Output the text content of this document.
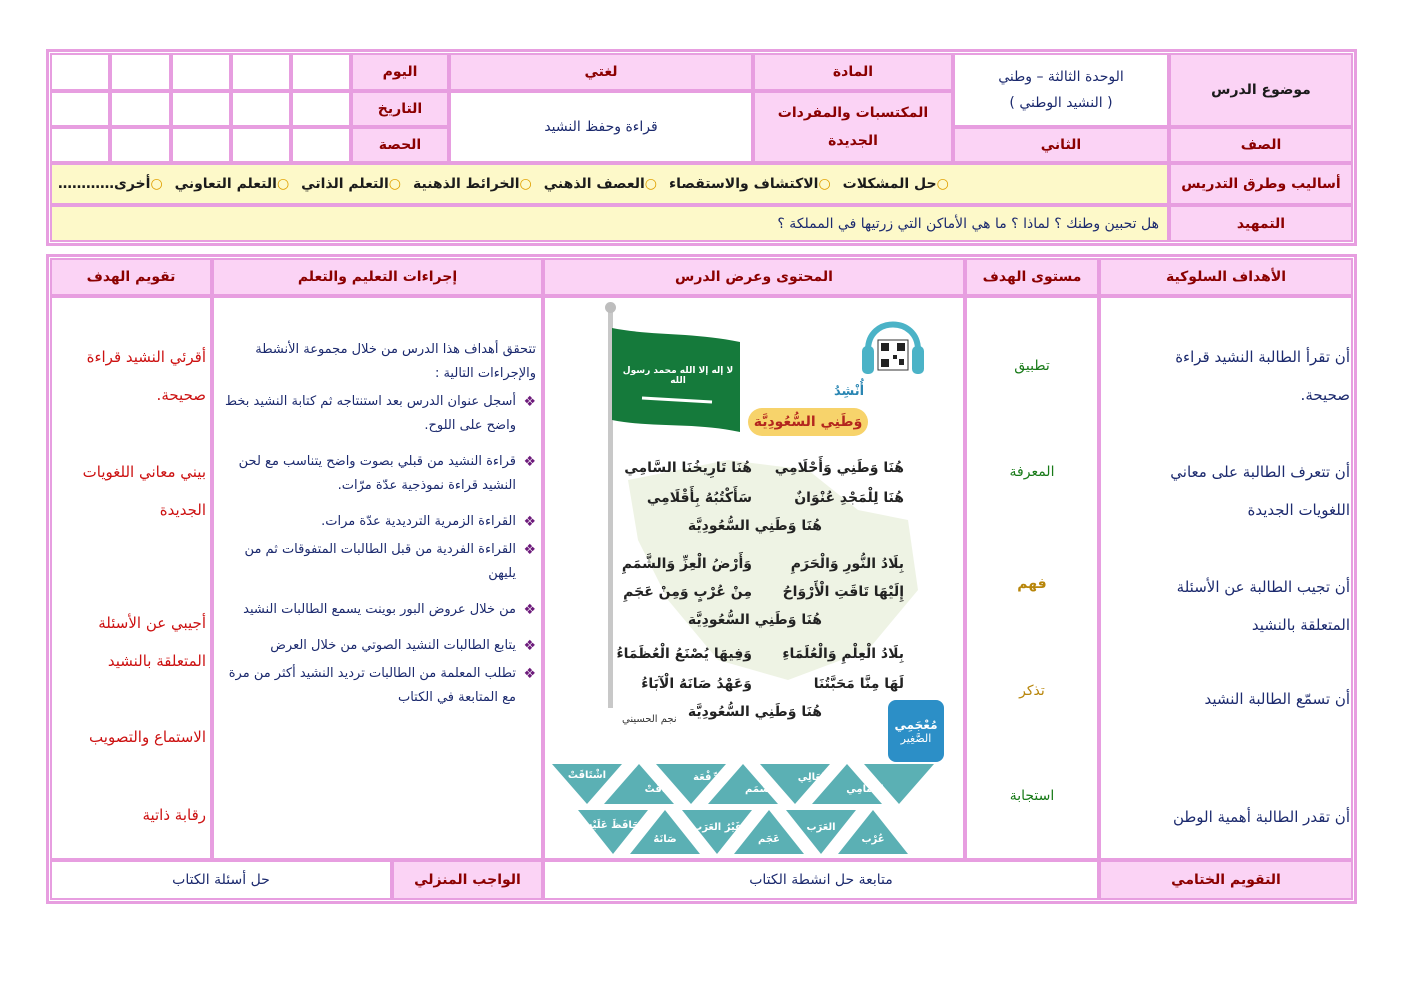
موضوع الدرس
الوحدة الثالثة – وطني
( النشيد الوطني )
المادة
لغتي
اليوم
المكتسبات والمفردات
الجديدة
قراءة وحفظ النشيد
التاريخ
الصف
الثاني
الحصة
أساليب وطرق التدريس
○حل المشكلات
○الاكتشاف والاستقصاء
○العصف الذهني
○الخرائط الذهنية
○التعلم الذاتي
○التعلم التعاوني
○أخرى…………
التمهيد
هل تحبين وطنك ؟ لماذا ؟ ما هي الأماكن التي زرتيها في المملكة ؟
الأهداف السلوكية
مستوى الهدف
المحتوى وعرض الدرس
إجراءات التعليم والتعلم
تقويم الهدف
أن تقرأ الطالبة النشيد قراءة صحيحة.
أن تتعرف الطالبة على معاني اللغويات الجديدة
أن تجيب الطالبة عن الأسئلة المتعلقة بالنشيد
أن تسمّع الطالبة النشيد
أن تقدر الطالبة أهمية الوطن
تطبيق
المعرفة
فهم
تذكر
استجابة
تتحقق أهداف هذا الدرس من خلال مجموعة الأنشطة والإجراءات التالية :
❖
أسجل عنوان الدرس بعد استنتاجه ثم كتابة النشيد بخط واضح على اللوح.
❖
قراءة النشيد من قبلي بصوت واضح يتناسب مع لحن النشيد قراءة نموذجية عدّة مرّات.
❖
القراءة الزمرية الترديدية عدّة مرات.
❖
القراءة الفردية من قبل الطالبات المتفوقات ثم من يليهن
❖
من خلال عروض البور بوينت يسمع الطالبات النشيد
❖
يتابع الطالبات النشيد الصوتي من خلال العرض
❖
تطلب المعلمة من الطالبات ترديد النشيد أكثر من مرة مع المتابعة في الكتاب
أقرئي النشيد قراءة صحيحة.
بيني معاني اللغويات الجديدة
أجيبي عن الأسئلة المتعلقة بالنشيد
الاستماع والتصويب
رقابة ذاتية
لا إله إلا الله محمد رسول الله
أُنْشِدُ
وَطَنِي السُّعُودِيَّة
هُنَا وَطَنِي وَأَحْلَامِي
هُنَا تَارِيخُنَا السَّامِي
هُنَا لِلْمَجْدِ عُنْوَانٌ
سَأَكْتُبُهُ بِأَقْلَامِي
هُنَا وَطَنِي السُّعُودِيَّة
بِلَادُ النُّورِ وَالْحَرَمِ
وَأَرْضُ الْعِزِّ وَالشَّمَمِ
إِلَيْهَا تَاقَتِ الْأَرْوَاحُ
مِنْ عُرْبٍ وَمِنْ عَجَمِ
هُنَا وَطَنِي السُّعُودِيَّة
بِلَادُ الْعِلْمِ وَالْعُلَمَاءِ
وَفِيهَا يُصْنَعُ الْعُظَمَاءُ
لَهَا مِنَّا مَحَبَّتُنَا
وَعَهْدُ صَانَهُ الْآبَاءُ
هُنَا وَطَنِي السُّعُودِيَّة
نجم الحسيني	مُعْجَمِي
الصَّغِير
السَّامِي
العَالِي
الشَّمَم
الرِّفْعَة
تَاقَتْ
اشْتَاقَتْ
عُرْب
العَرَب
عَجَم
غَيْرُ العَرَب
صَانَهُ
حَافَظَ عَلَيْه
التقويم الختامي
متابعة حل انشطة الكتاب
الواجب المنزلي
حل أسئلة الكتاب
